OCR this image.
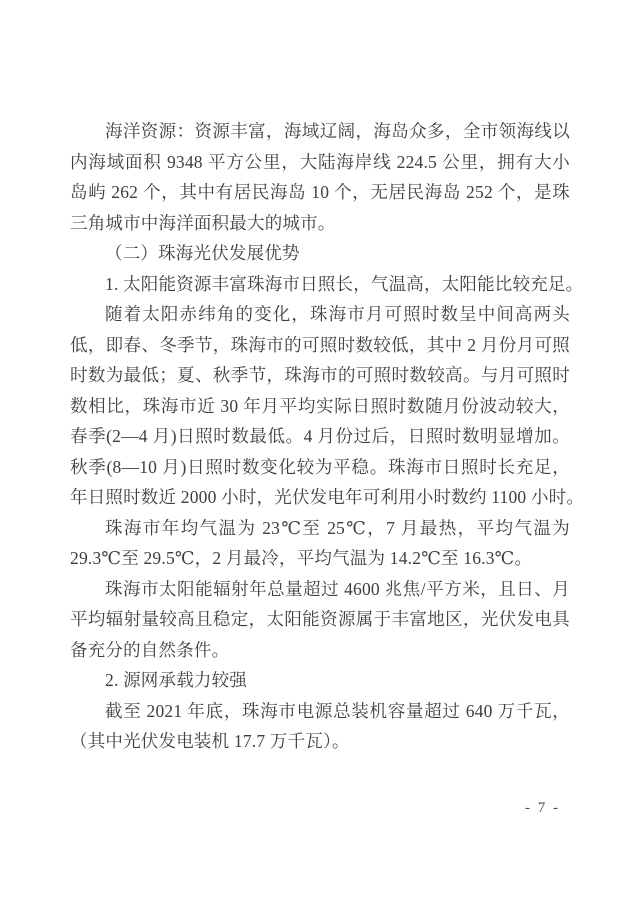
海洋资源：资源丰富，海域辽阔，海岛众多，全市领海线以
内海域面积 9348 平方公里，大陆海岸线 224.5 公里，拥有大小
岛屿 262 个，其中有居民海岛 10 个，无居民海岛 252 个，是珠
三角城市中海洋面积最大的城市。
（二）珠海光伏发展优势
1. 太阳能资源丰富珠海市日照长，气温高，太阳能比较充足。
随着太阳赤纬角的变化，珠海市月可照时数呈中间高两头
低，即春、冬季节，珠海市的可照时数较低，其中 2 月份月可照
时数为最低；夏、秋季节，珠海市的可照时数较高。与月可照时
数相比，珠海市近 30 年月平均实际日照时数随月份波动较大，
春季(2—4 月)日照时数最低。4 月份过后，日照时数明显增加。
秋季(8—10 月)日照时数变化较为平稳。珠海市日照时长充足，
年日照时数近 2000 小时，光伏发电年可利用小时数约 1100 小时。
珠海市年均气温为 23℃至 25℃，7 月最热，平均气温为
29.3℃至 29.5℃，2 月最冷，平均气温为 14.2℃至 16.3℃。
珠海市太阳能辐射年总量超过 4600 兆焦/平方米，且日、月
平均辐射量较高且稳定，太阳能资源属于丰富地区，光伏发电具
备充分的自然条件。
2. 源网承载力较强
截至 2021 年底，珠海市电源总装机容量超过 640 万千瓦，
（其中光伏发电装机 17.7 万千瓦）。
- 7 -
